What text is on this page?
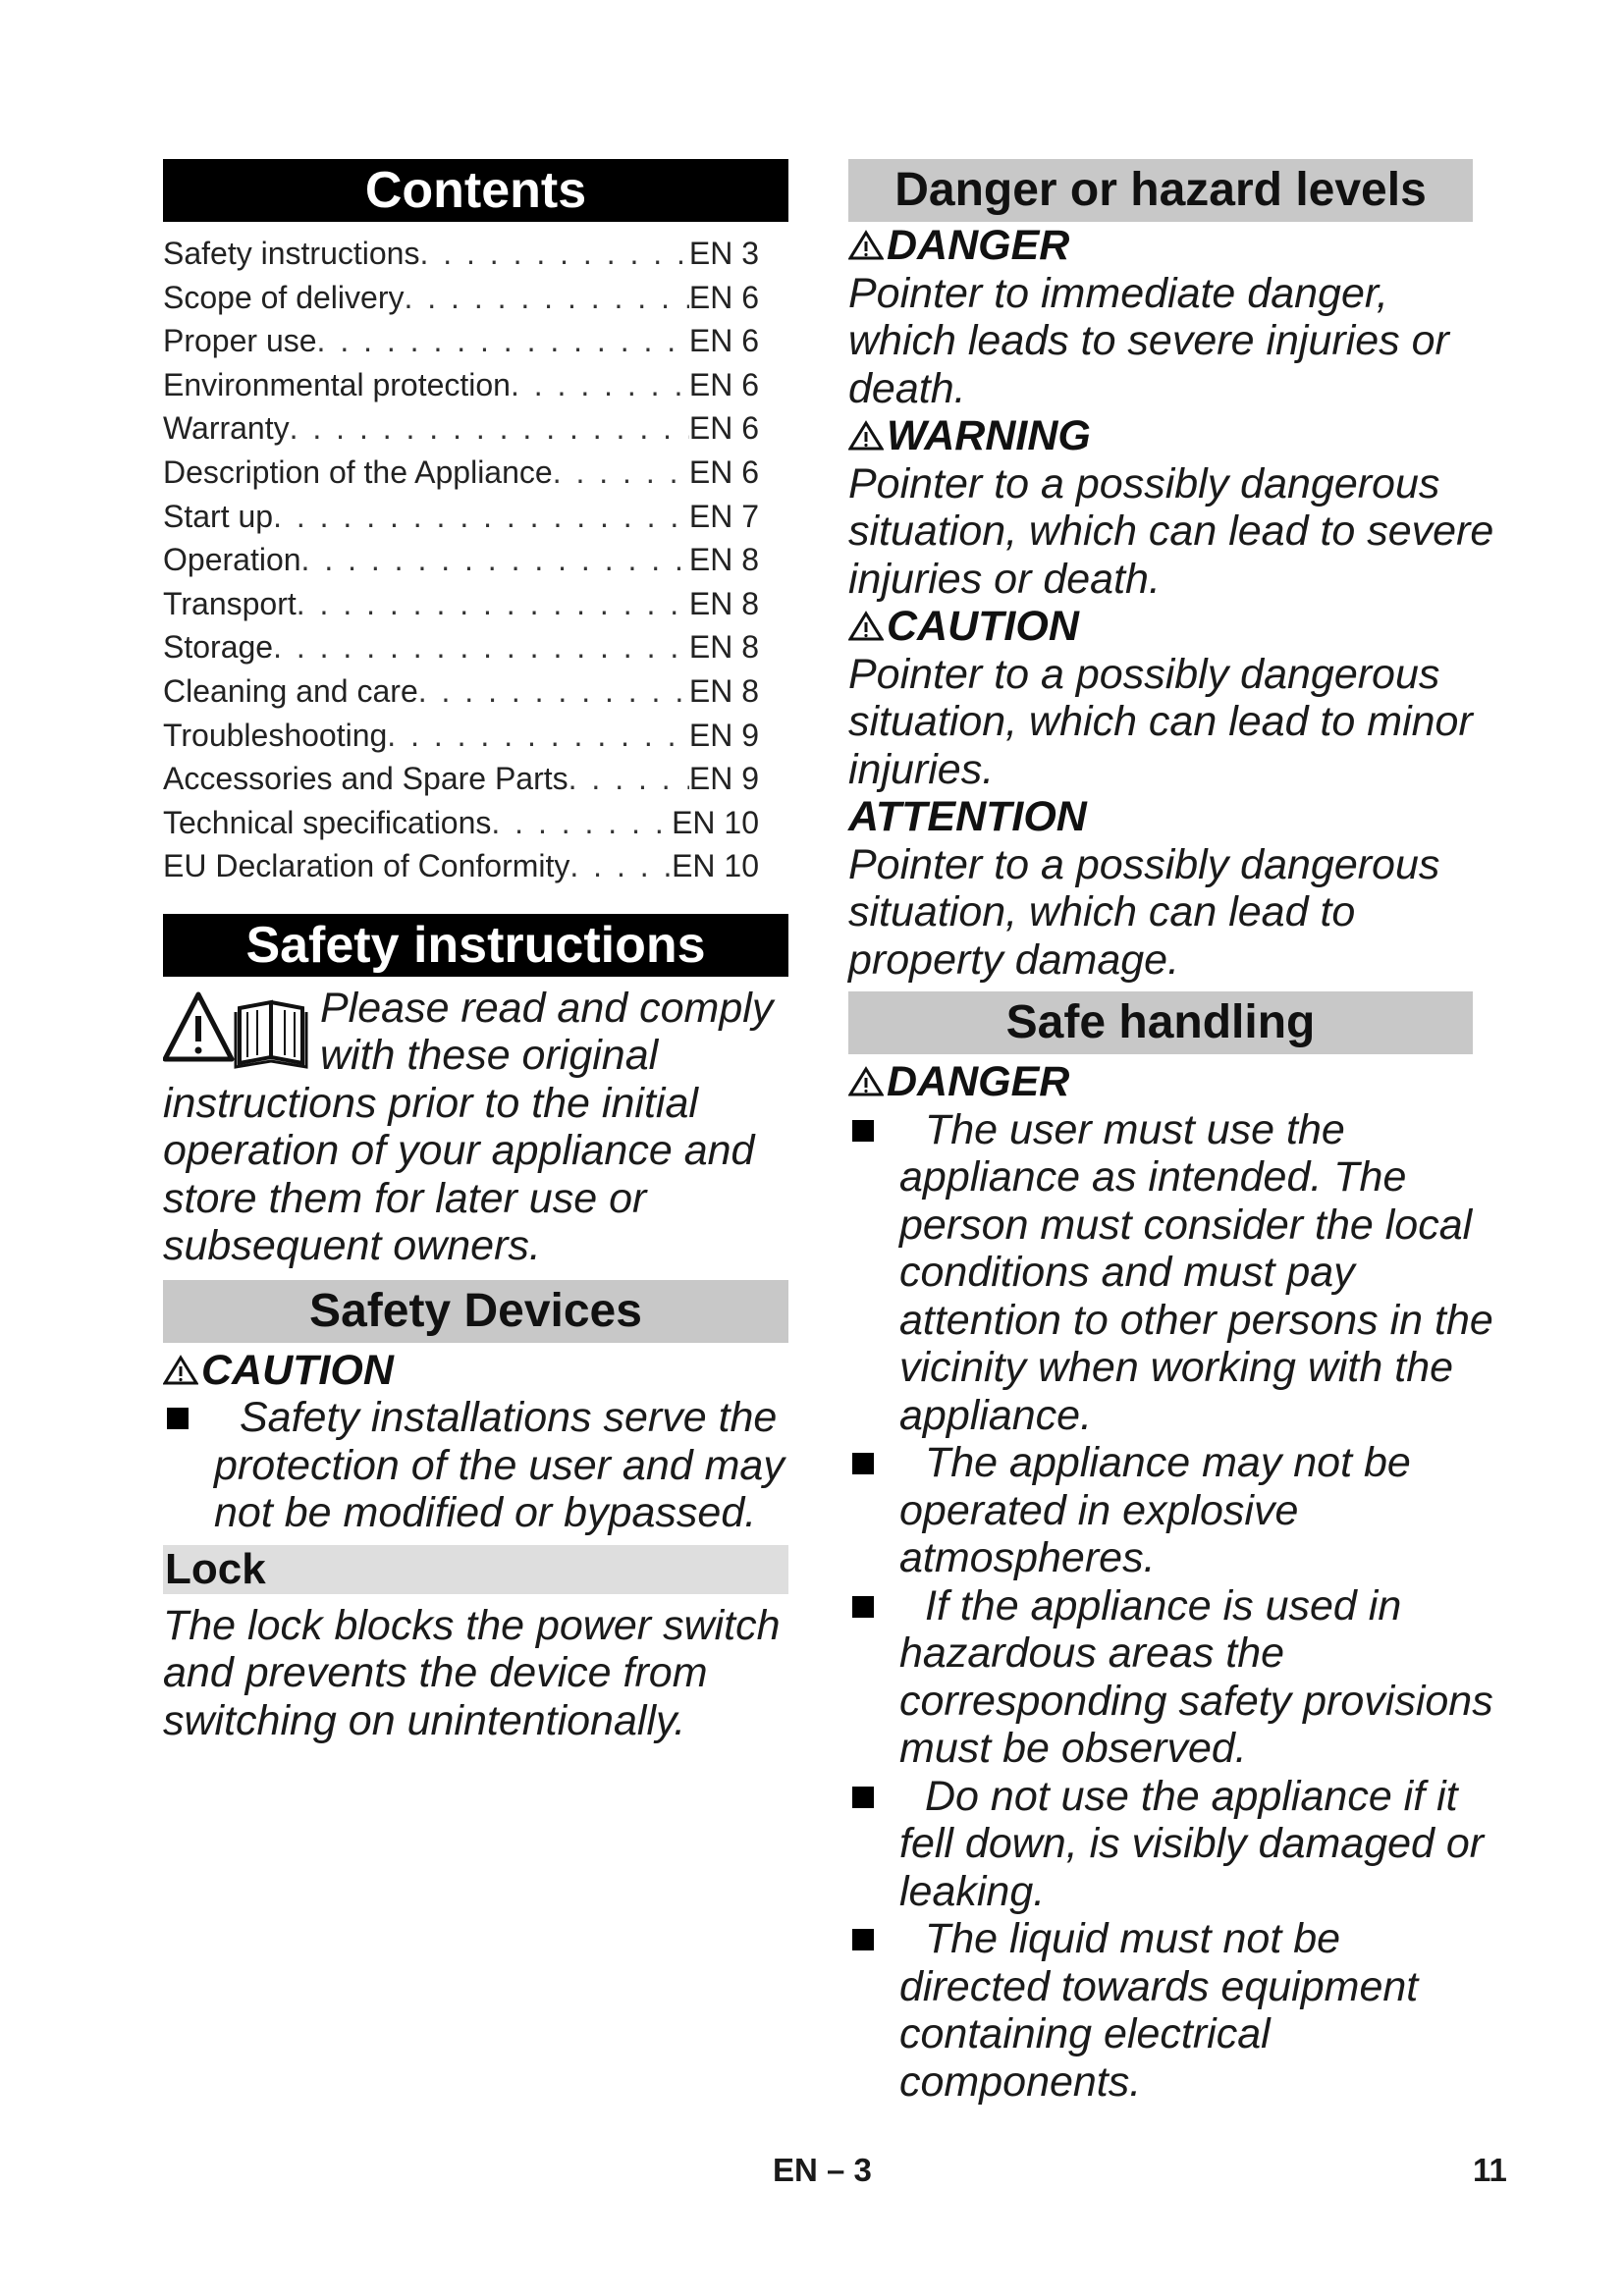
Contents
Safety instructions . . .	EN 3
Scope of delivery . . .	EN 6
Proper use . . .	EN 6
Environmental protection . . .	EN 6
Warranty . . .	EN 6
Description of the Appliance . . .	EN 6
Start up . . .	EN 7
Operation . . .	EN 8
Transport . . .	EN 8
Storage . . .	EN 8
Cleaning and care . . .	EN 8
Troubleshooting . . .	EN 9
Accessories and Spare Parts . . .	EN 9
Technical specifications . . .	EN 10
EU Declaration of Conformity . . .	EN 10
Safety instructions

Please read and comply with these original instructions prior to the initial operation of your appliance and store them for later use or subsequent owners.

Safety Devices

CAUTION

Safety installations serve the protection of the user and may not be modified or bypassed.

Lock

The lock blocks the power switch and prevents the device from switching on unintentionally.

Danger or hazard levels

DANGER

Pointer to immediate danger, which leads to severe injuries or death.

WARNING

Pointer to a possibly dangerous situation, which can lead to severe injuries or death.

CAUTION

Pointer to a possibly dangerous situation, which can lead to minor injuries.

ATTENTION

Pointer to a possibly dangerous situation, which can lead to property damage.

Safe handling

DANGER

The user must use the appliance as intended. The person must consider the local conditions and must pay attention to other persons in the vicinity when working with the appliance.

The appliance may not be operated in explosive atmospheres.

If the appliance is used in hazardous areas the corresponding safety provisions must be observed.

Do not use the appliance if it fell down, is visibly damaged or leaking.

The liquid must not be directed towards equipment containing electrical components.

EN – 3	11
